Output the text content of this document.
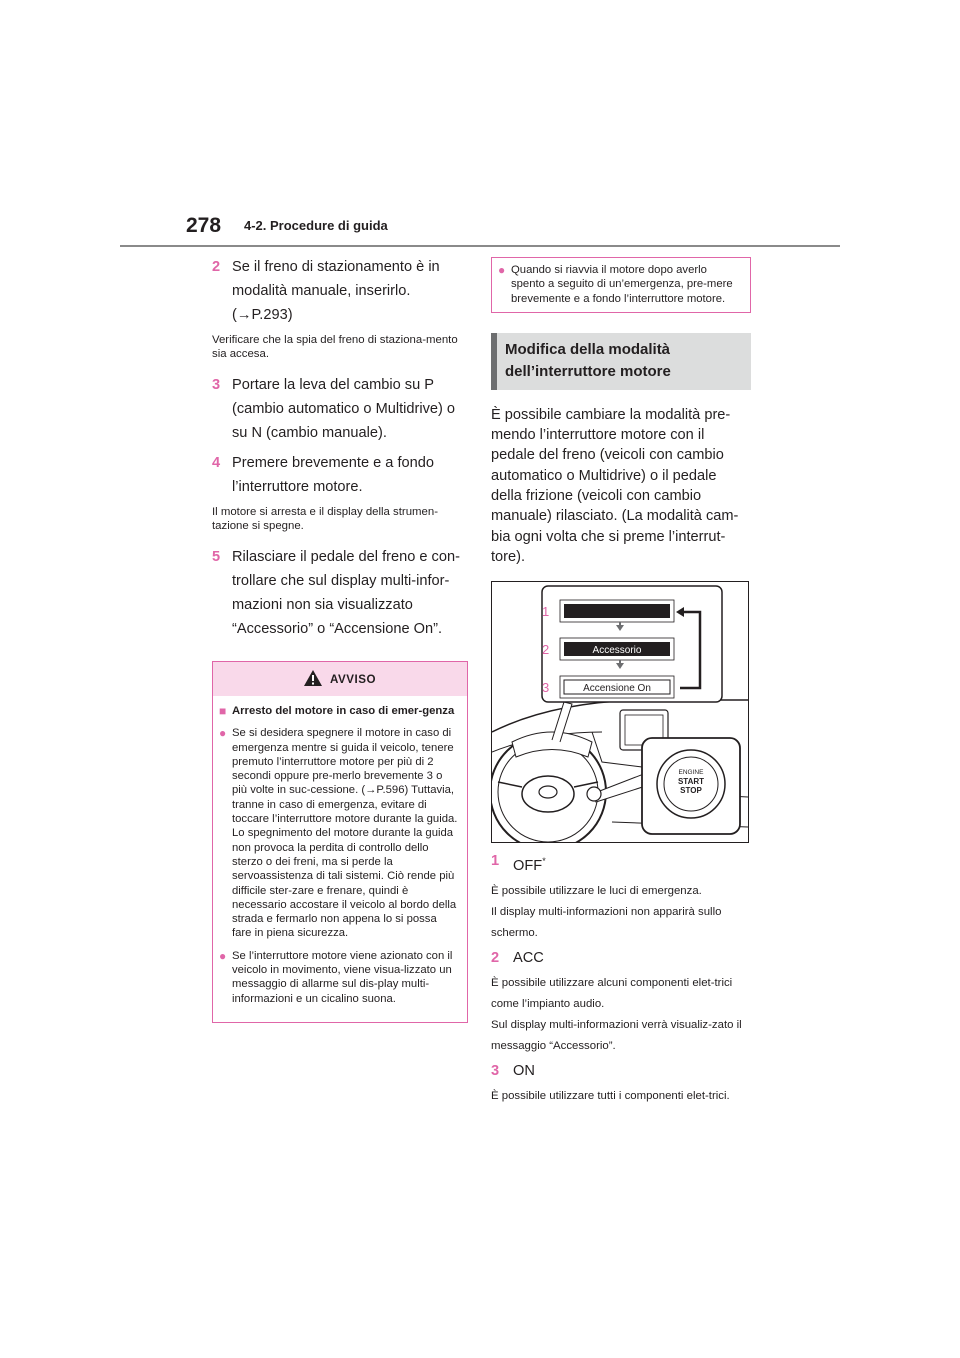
278 4-2. Procedure di guida
2 Se il freno di stazionamento è in modalità manuale, inserirlo. (→P.293)

Verificare che la spia del freno di staziona-mento sia accesa.

3 Portare la leva del cambio su P (cambio automatico o Multidrive) o su N (cambio manuale).
4 Premere brevemente e a fondo l’interruttore motore.

Il motore si arresta e il display della strumen-tazione si spegne.

5 Rilasciare il pedale del freno e con-trollare che sul display multi-infor-mazioni non sia visualizzato “Accessorio” o “Accensione On”.
AVVISO
■ Arresto del motore in caso di emer-genza
● Se si desidera spegnere il motore in caso di emergenza mentre si guida il veicolo, tenere premuto l’interruttore motore per più di 2 secondi oppure pre-merlo brevemente 3 o più volte in suc-cessione. (→P.596) Tuttavia, tranne in caso di emergenza, evitare di toccare l’interruttore motore durante la guida. Lo spegnimento del motore durante la guida non provoca la perdita di controllo dello sterzo o dei freni, ma si perde la servoassistenza di tali sistemi. Ciò rende più difficile ster-zare e frenare, quindi è necessario accostare il veicolo al bordo della strada e fermarlo non appena lo si possa fare in piena sicurezza.
● Se l’interruttore motore viene azionato con il veicolo in movimento, viene visua-lizzato un messaggio di allarme sul dis-play multi-informazioni e un cicalino suona.
● Quando si riavvia il motore dopo averlo spento a seguito di un’emergenza, pre-mere brevemente e a fondo l’interruttore motore.
Modifica della modalità dell’interruttore motore

È possibile cambiare la modalità pre-mendo l’interruttore motore con il pedale del freno (veicoli con cambio automatico o Multidrive) o il pedale della frizione (veicoli con cambio manuale) rilasciato. (La modalità cam-bia ogni volta che si preme l’interrut-tore).

1
2
3
Accessorio
Accensione On
ENGINE
START
STOP
1 OFF*

È possibile utilizzare le luci di emergenza.

Il display multi-informazioni non apparirà sullo schermo.

2 ACC

È possibile utilizzare alcuni componenti elet-trici come l’impianto audio.

Sul display multi-informazioni verrà visualiz-zato il messaggio “Accessorio”.

3 ON

È possibile utilizzare tutti i componenti elet-trici.
